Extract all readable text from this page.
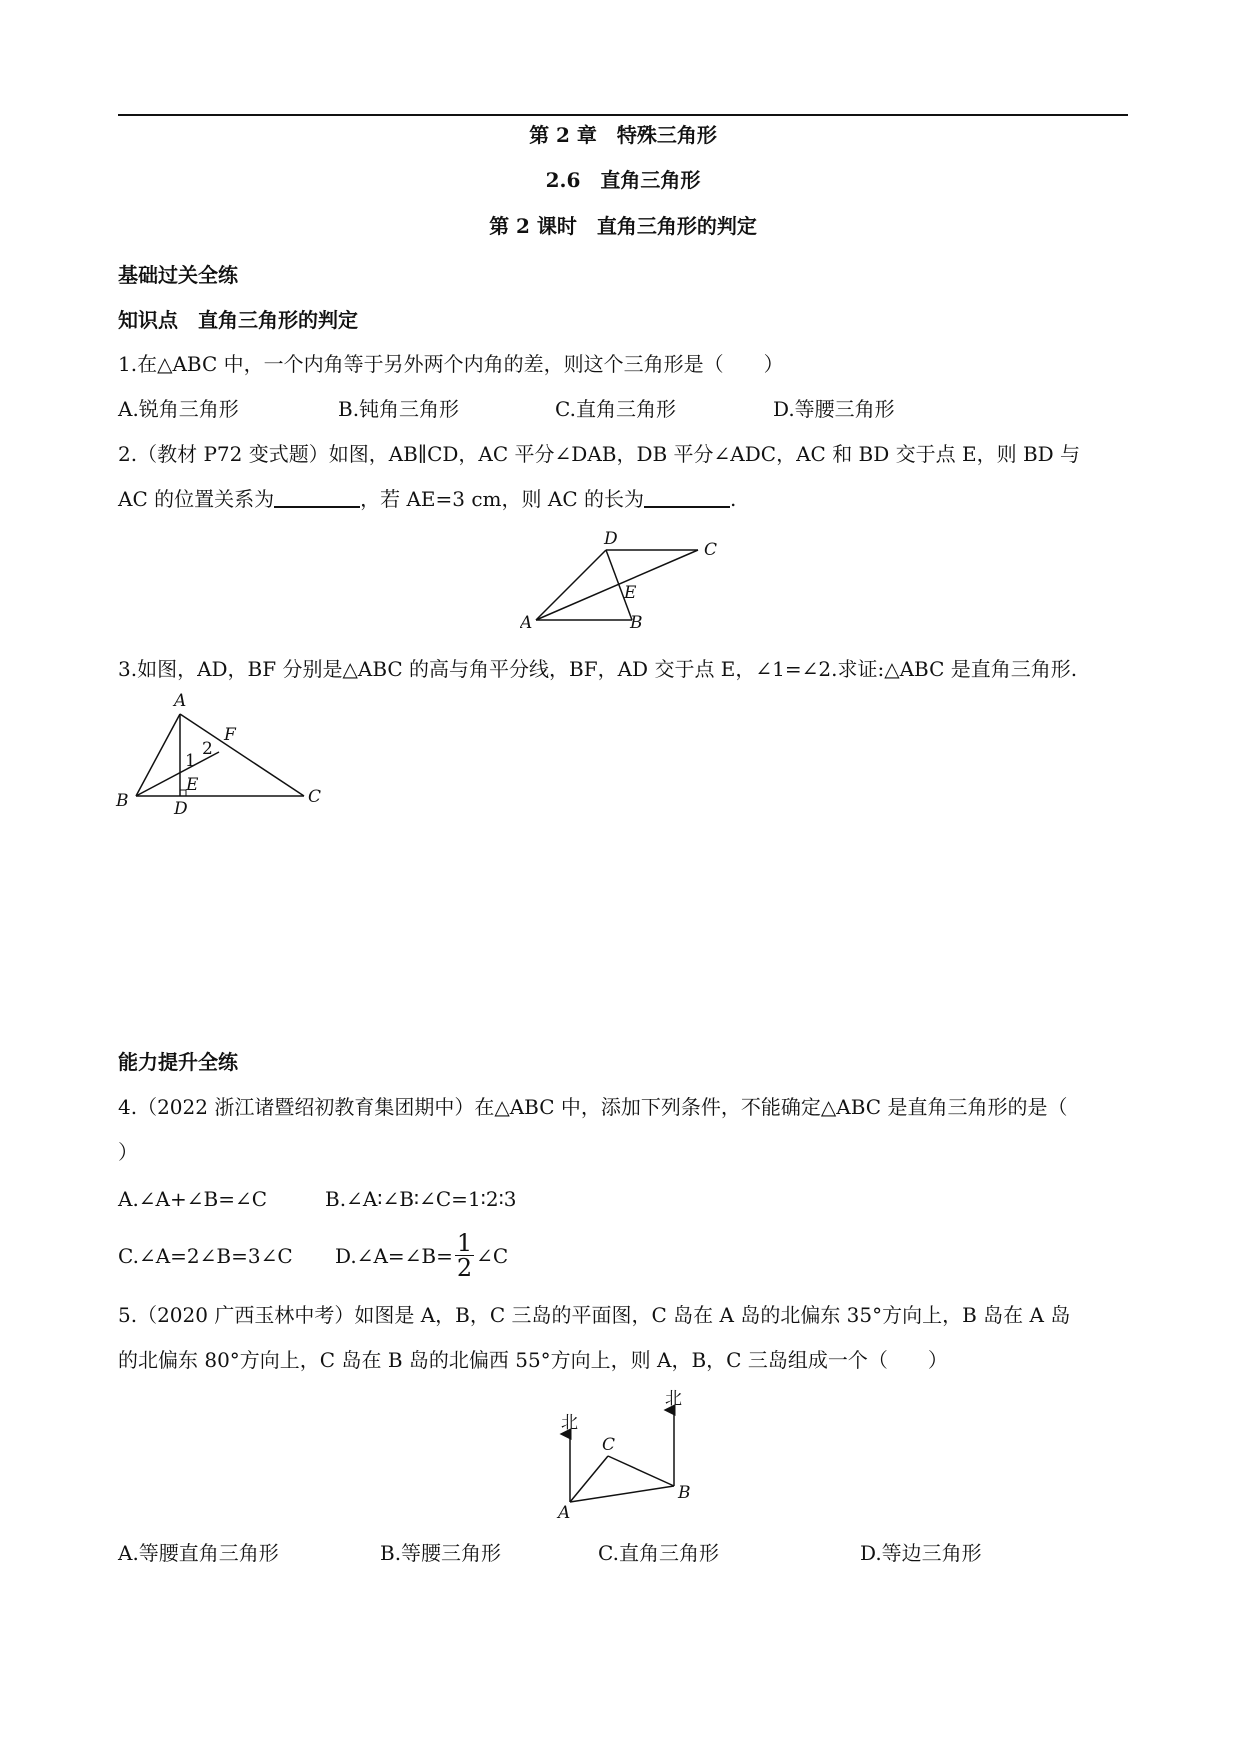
第 2 章　特殊三角形
2.6　直角三角形
第 2 课时　直角三角形的判定
基础过关全练
知识点　直角三角形的判定
1.在△ABC 中，一个内角等于另外两个内角的差，则这个三角形是（　　）
A.锐角三角形	B.钝角三角形	C.直角三角形	D.等腰三角形
2.（教材 P72 变式题）如图，AB∥CD，AC 平分∠DAB，DB 平分∠ADC，AC 和 BD 交于点 E，则 BD 与
AC 的位置关系为	，若 AE=3 cm，则 AC 的长为	.
A
D
C
E
B
3.如图，AD，BF 分别是△ABC 的高与角平分线，BF，AD 交于点 E，∠1=∠2.求证:△ABC 是直角三角形.
A
F
2
1
E
B	D
C
能力提升全练
4.（2022 浙江诸暨绍初教育集团期中）在△ABC 中，添加下列条件，不能确定△ABC 是直角三角形的是（
）
A.∠A+∠B=∠C	B.∠A∶∠B∶∠C=1∶2∶3
C.∠A=2∠B=3∠C D.∠A=∠B= $\frac{1}{2}$ ∠C
5.（2020 广西玉林中考）如图是 A，B，C 三岛的平面图，C 岛在 A 岛的北偏东 35°方向上，B 岛在 A 岛
的北偏东 80°方向上，C 岛在 B 岛的北偏西 55°方向上，则 A，B，C 三岛组成一个（　　）
北
北
C
B
A
A.等腰直角三角形	B.等腰三角形	C.直角三角形	D.等边三角形
